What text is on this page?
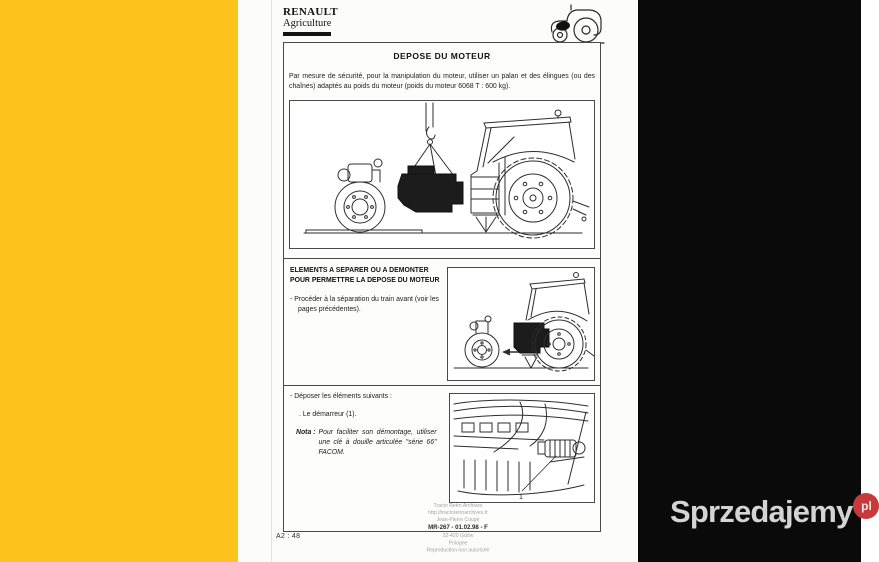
RENAULT
Agriculture
DEPOSE DU MOTEUR
Par mesure de sécurité, pour la manipulation du moteur, utiliser un palan et des élingues (ou des chaînes) adaptés au poids du moteur (poids du moteur 6068 T : 600 kg).
ELEMENTS A SEPARER OU A DEMONTER POUR PERMETTRE LA DEPOSE DU MOTEUR
- Procéder à la séparation du train avant (voir les pages précédentes).
- Déposer les éléments suivants :
. Le démarreur (1).
Nota : Pour faciliter son démontage, utiliser une clé à douille articulée "série 66" FACOM.
1
A2 : 48
Tracto Retro Archives
http://tractoretroarchives.fr
Jean-Pierre Coupé
MR-267 - 01.02.98 - F
32-420 Gdów
Pologne
Reproduction non autorisée
Sprzedajemy pl
